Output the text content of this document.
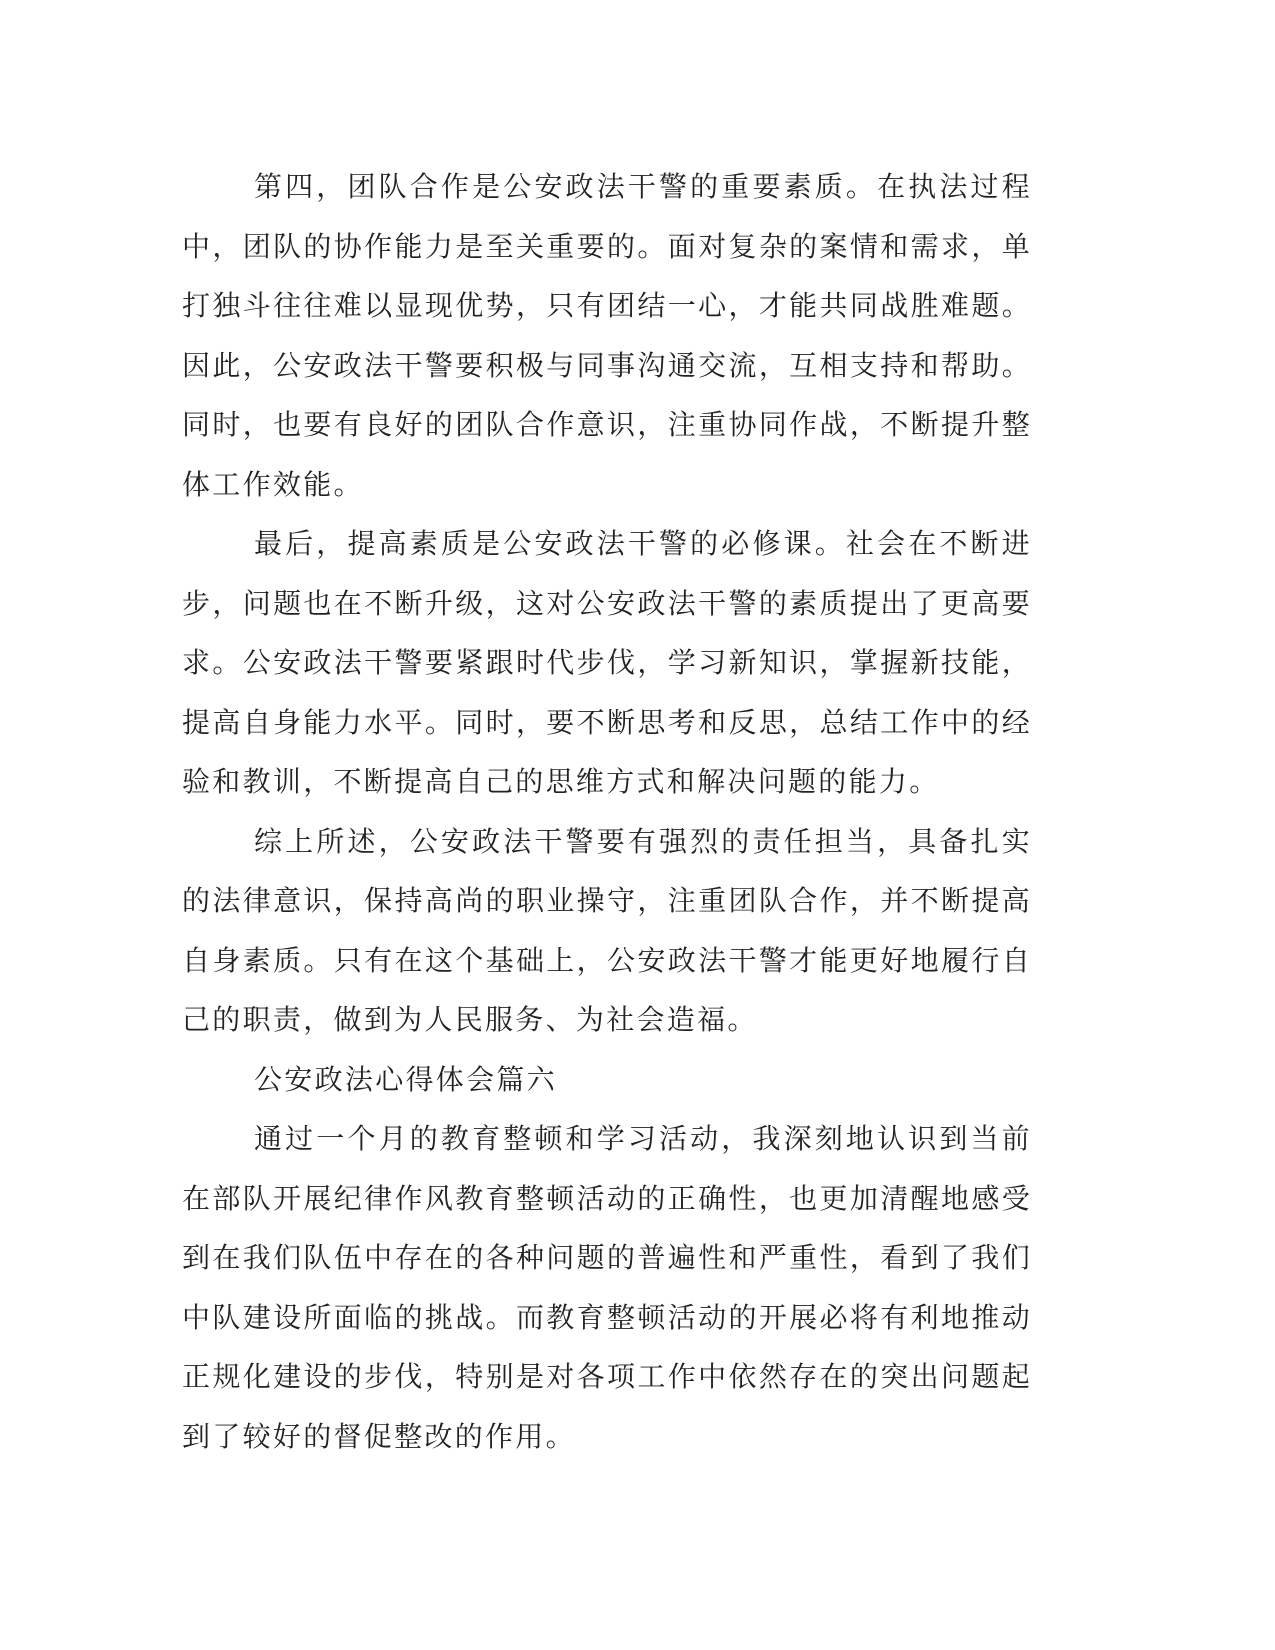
第四，团队合作是公安政法干警的重要素质。在执法过程中，团队的协作能力是至关重要的。面对复杂的案情和需求，单打独斗往往难以显现优势，只有团结一心，才能共同战胜难题。因此，公安政法干警要积极与同事沟通交流，互相支持和帮助。同时，也要有良好的团队合作意识，注重协同作战，不断提升整体工作效能。

最后，提高素质是公安政法干警的必修课。社会在不断进步，问题也在不断升级，这对公安政法干警的素质提出了更高要求。公安政法干警要紧跟时代步伐，学习新知识，掌握新技能，提高自身能力水平。同时，要不断思考和反思，总结工作中的经验和教训，不断提高自己的思维方式和解决问题的能力。

综上所述，公安政法干警要有强烈的责任担当，具备扎实的法律意识，保持高尚的职业操守，注重团队合作，并不断提高自身素质。只有在这个基础上，公安政法干警才能更好地履行自己的职责，做到为人民服务、为社会造福。

公安政法心得体会篇六

通过一个月的教育整顿和学习活动，我深刻地认识到当前在部队开展纪律作风教育整顿活动的正确性，也更加清醒地感受到在我们队伍中存在的各种问题的普遍性和严重性，看到了我们中队建设所面临的挑战。而教育整顿活动的开展必将有利地推动正规化建设的步伐，特别是对各项工作中依然存在的突出问题起到了较好的督促整改的作用。
